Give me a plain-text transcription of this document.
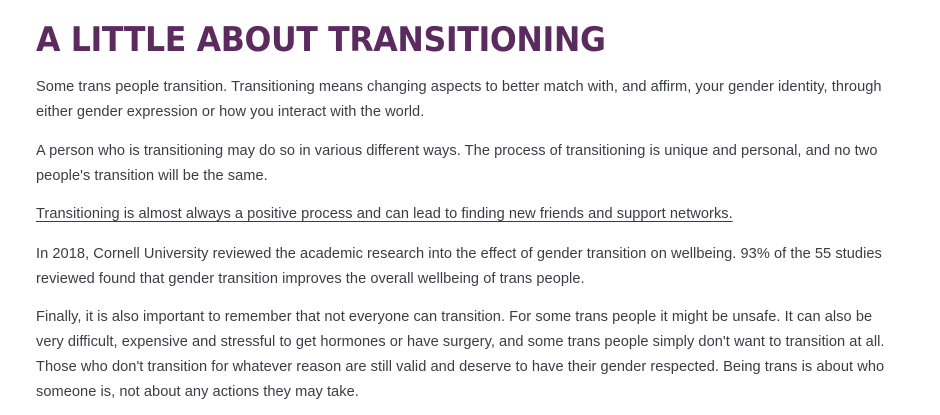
A LITTLE ABOUT TRANSITIONING

Some trans people transition. Transitioning means changing aspects to better match with, and affirm, your gender identity, through either gender expression or how you interact with the world.

A person who is transitioning may do so in various different ways. The process of transitioning is unique and personal, and no two people's transition will be the same.

Transitioning is almost always a positive process and can lead to finding new friends and support networks.

In 2018, Cornell University reviewed the academic research into the effect of gender transition on wellbeing. 93% of the 55 studies reviewed found that gender transition improves the overall wellbeing of trans people.

Finally, it is also important to remember that not everyone can transition. For some trans people it might be unsafe. It can also be very difficult, expensive and stressful to get hormones or have surgery, and some trans people simply don't want to transition at all. Those who don't transition for whatever reason are still valid and deserve to have their gender respected. Being trans is about who someone is, not about any actions they may take.
